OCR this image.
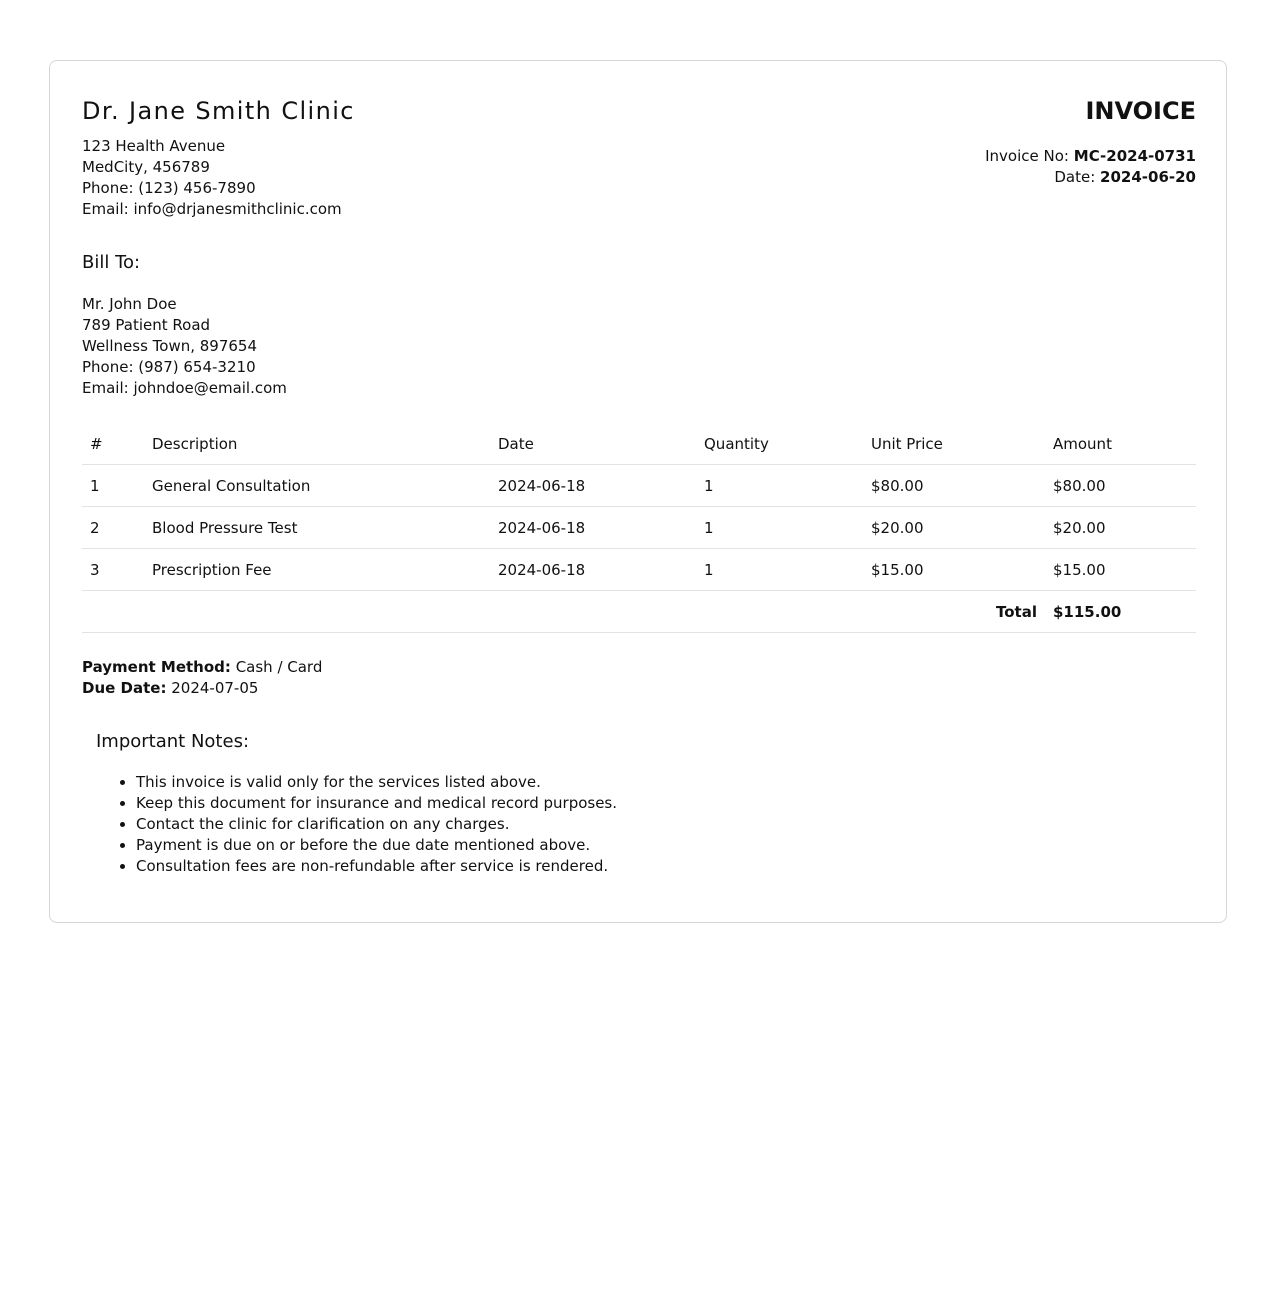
Dr. Jane Smith Clinic
123 Health Avenue
MedCity, 456789
Phone: (123) 456-7890
Email: info@drjanesmithclinic.com
INVOICE
Invoice No: MC-2024-0731
Date: 2024-06-20
Bill To:
Mr. John Doe
789 Patient Road
Wellness Town, 897654
Phone: (987) 654-3210
Email: johndoe@email.com
#	Description	Date	Quantity	Unit Price	Amount
1	General Consultation	2024-06-18	1	$80.00	$80.00
2	Blood Pressure Test	2024-06-18	1	$20.00	$20.00
3	Prescription Fee	2024-06-18	1	$15.00	$15.00
Total					$115.00
Payment Method: Cash / Card
Due Date: 2024-07-05
Important Notes:
• This invoice is valid only for the services listed above.
• Keep this document for insurance and medical record purposes.
• Contact the clinic for clarification on any charges.
• Payment is due on or before the due date mentioned above.
• Consultation fees are non-refundable after service is rendered.
